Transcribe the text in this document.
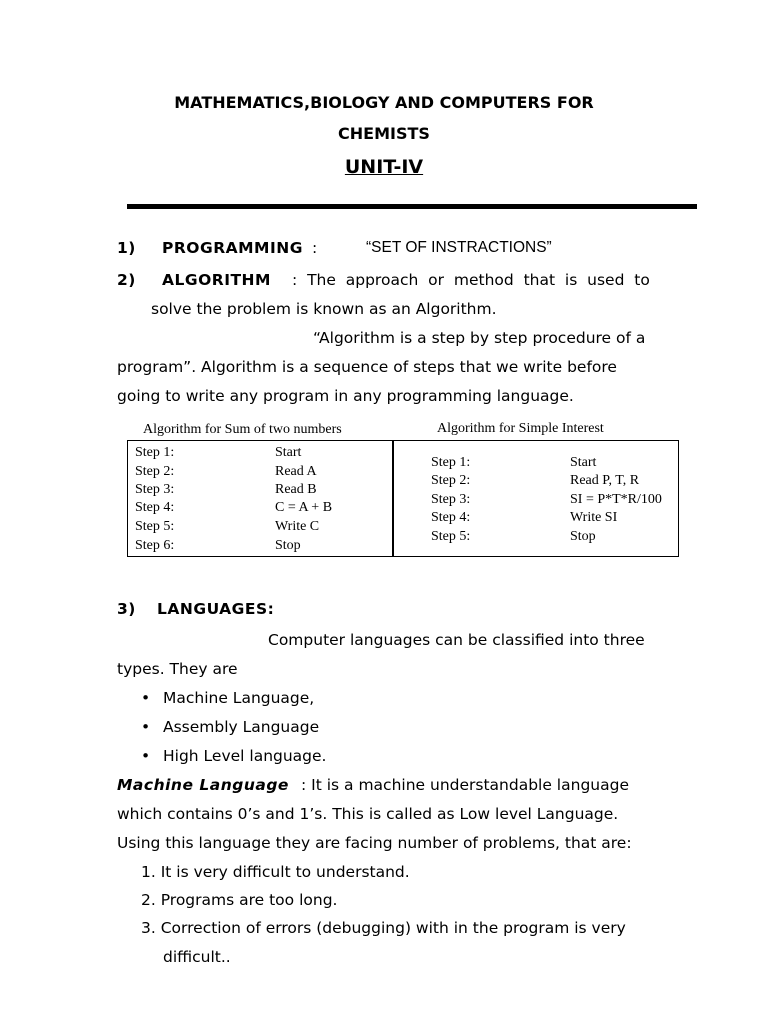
MATHEMATICS,BIOLOGY AND COMPUTERS FOR
CHEMISTS
UNIT-IV
1) PROGRAMMING :	“SET OF INSTRACTIONS”
2) ALGORITHM :  The  approach  or  method  that  is  used  to
solve the problem is known as an Algorithm.
“Algorithm is a step by step procedure of a
program”. Algorithm is a sequence of steps that we write before
going to write any program in any programming language.
Algorithm for Sum of two numbers	Algorithm for Simple Interest
Step 1:	Start
Step 2:	Read A
Step 3:	Read B
Step 4:	C = A + B
Step 5:	Write C
Step 6:	Stop
Step 1:	Start
Step 2:	Read P, T, R
Step 3:	SI = P*T*R/100
Step 4:	Write SI
Step 5:	Stop
3) LANGUAGES:
Computer languages can be classified into three
types. They are
• Machine Language,
• Assembly Language
• High Level language.
Machine Language : It is a machine understandable language
which contains 0’s and 1’s. This is called as Low level Language.
Using this language they are facing number of problems, that are:
1. It is very difficult to understand.
2. Programs are too long.
3. Correction of errors (debugging) with in the program is very
difficult..
